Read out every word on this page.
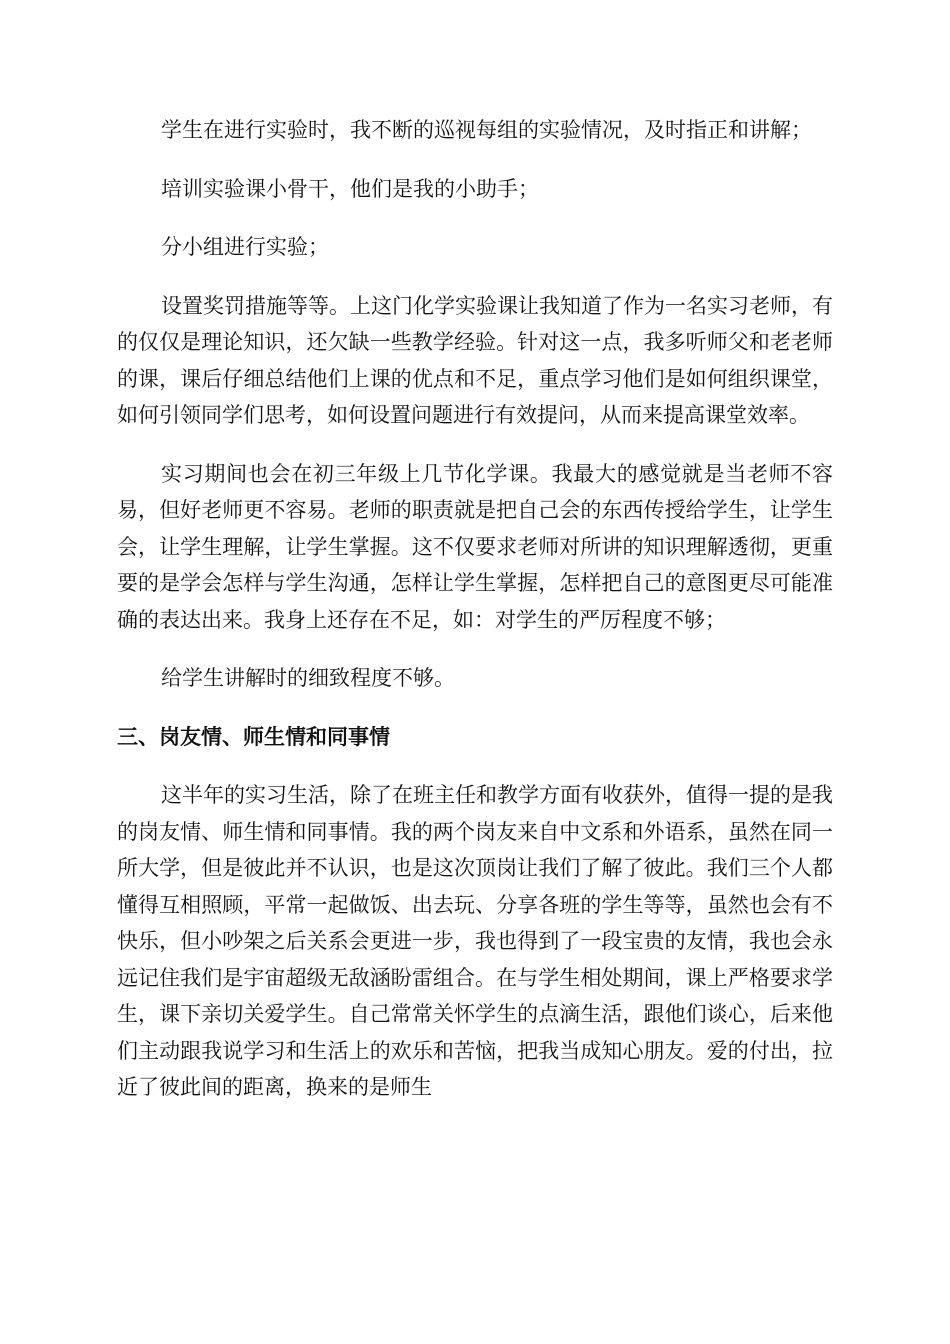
学生在进行实验时，我不断的巡视每组的实验情况，及时指正和讲解；

培训实验课小骨干，他们是我的小助手；

分小组进行实验；

设置奖罚措施等等。上这门化学实验课让我知道了作为一名实习老师，有的仅仅是理论知识，还欠缺一些教学经验。针对这一点，我多听师父和老老师的课，课后仔细总结他们上课的优点和不足，重点学习他们是如何组织课堂，如何引领同学们思考，如何设置问题进行有效提问，从而来提高课堂效率。

实习期间也会在初三年级上几节化学课。我最大的感觉就是当老师不容易，但好老师更不容易。老师的职责就是把自己会的东西传授给学生，让学生会，让学生理解，让学生掌握。这不仅要求老师对所讲的知识理解透彻，更重要的是学会怎样与学生沟通，怎样让学生掌握，怎样把自己的意图更尽可能准确的表达出来。我身上还存在不足，如：对学生的严厉程度不够；

给学生讲解时的细致程度不够。

三、岗友情、师生情和同事情

这半年的实习生活，除了在班主任和教学方面有收获外，值得一提的是我的岗友情、师生情和同事情。我的两个岗友来自中文系和外语系，虽然在同一所大学，但是彼此并不认识，也是这次顶岗让我们了解了彼此。我们三个人都懂得互相照顾，平常一起做饭、出去玩、分享各班的学生等等，虽然也会有不快乐，但小吵架之后关系会更进一步，我也得到了一段宝贵的友情，我也会永远记住我们是宇宙超级无敌涵盼雷组合。在与学生相处期间，课上严格要求学生，课下亲切关爱学生。自己常常关怀学生的点滴生活，跟他们谈心，后来他们主动跟我说学习和生活上的欢乐和苦恼，把我当成知心朋友。爱的付出，拉近了彼此间的距离，换来的是师生
